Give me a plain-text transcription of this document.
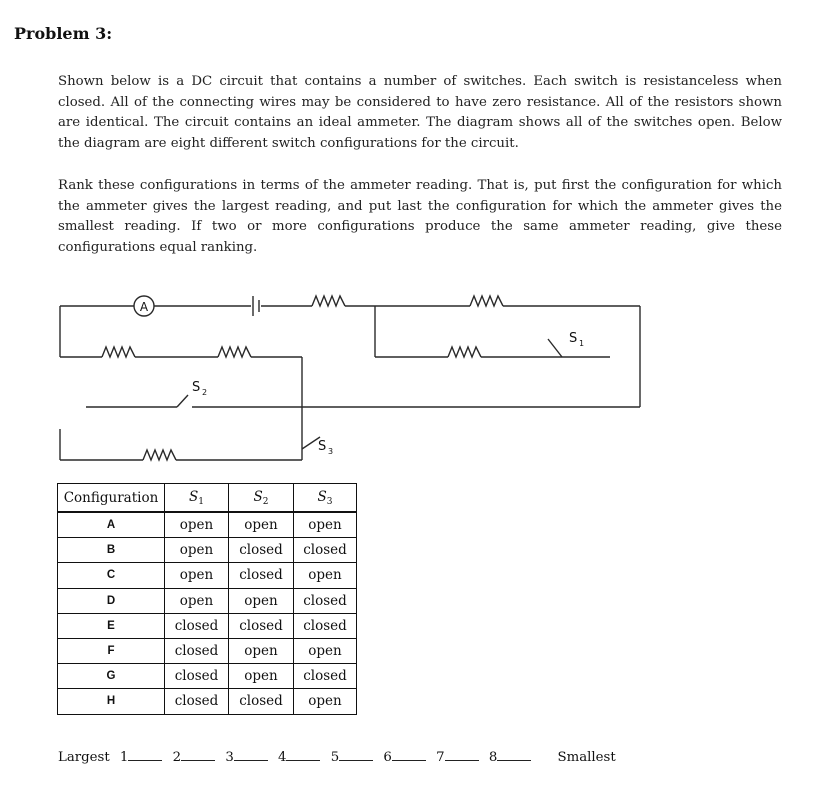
Problem 3:
Shown below is a DC circuit that contains a number of switches. Each switch is resistanceless when closed. All of the connecting wires may be considered to have zero resistance. All of the resistors shown are identical. The circuit contains an ideal ammeter. The diagram shows all of the switches open. Below the diagram are eight different switch configurations for the circuit.
Rank these configurations in terms of the ammeter reading. That is, put first the configuration for which the ammeter gives the largest reading, and put last the configuration for which the ammeter gives the smallest reading. If two or more configurations produce the same ammeter reading, give these configurations equal ranking.
A
S 1
S 2
S 3
Configuration	$S_1$	$S_2$	$S_3$
A	open	open	open
B	open	closed	closed
C	open	closed	open
D	open	open	closed
E	closed	closed	closed
F	closed	open	open
G	closed	open	closed
H	closed	closed	open
Largest 1	2	3	4	5	6	7	8	Smallest
